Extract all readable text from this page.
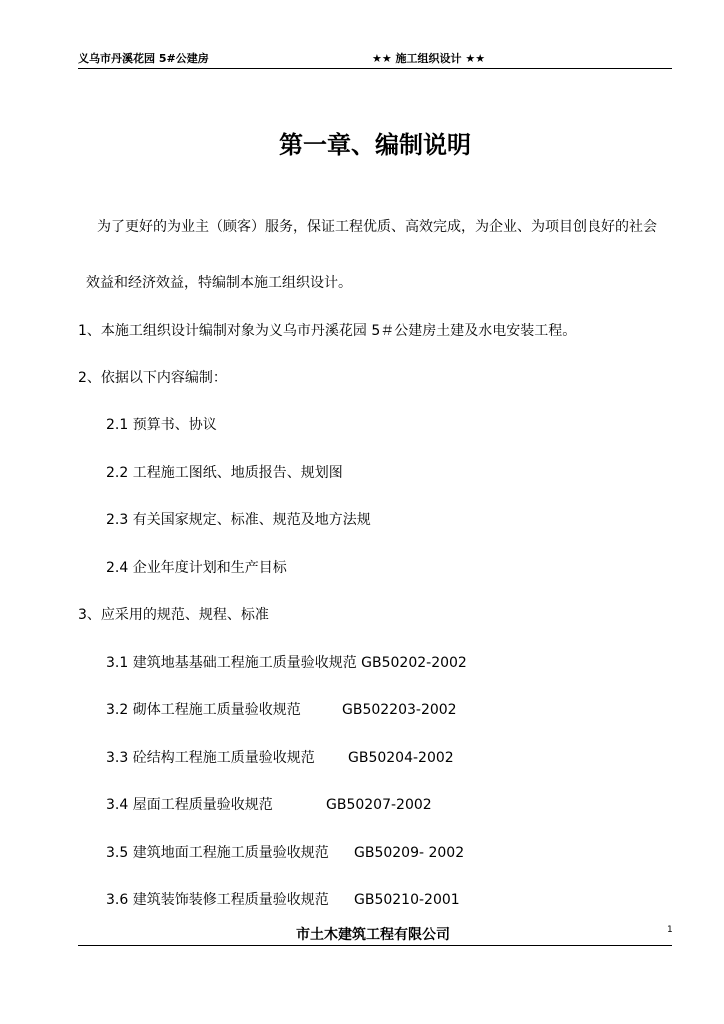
义乌市丹溪花园 5#公建房	★★ 施工组织设计 ★★
第一章、编制说明
为了更好的为业主（顾客）服务，保证工程优质、高效完成，为企业、为项目创良好的社会
效益和经济效益，特编制本施工组织设计。
1、本施工组织设计编制对象为义乌市丹溪花园 5＃公建房土建及水电安装工程。
2、依据以下内容编制：
2.1 预算书、协议
2.2 工程施工图纸、地质报告、规划图
2.3 有关国家规定、标准、规范及地方法规
2.4 企业年度计划和生产目标
3、应采用的规范、规程、标准
3.1 建筑地基基础工程施工质量验收规范 GB50202-2002
3.2 砌体工程施工质量验收规范	GB502203-2002
3.3 砼结构工程施工质量验收规范 GB50204-2002
3.4 屋面工程质量验收规范	GB50207-2002
3.5 建筑地面工程施工质量验收规范 GB50209- 2002
3.6 建筑装饰装修工程质量验收规范 GB50210-2001
市土木建筑工程有限公司	1
